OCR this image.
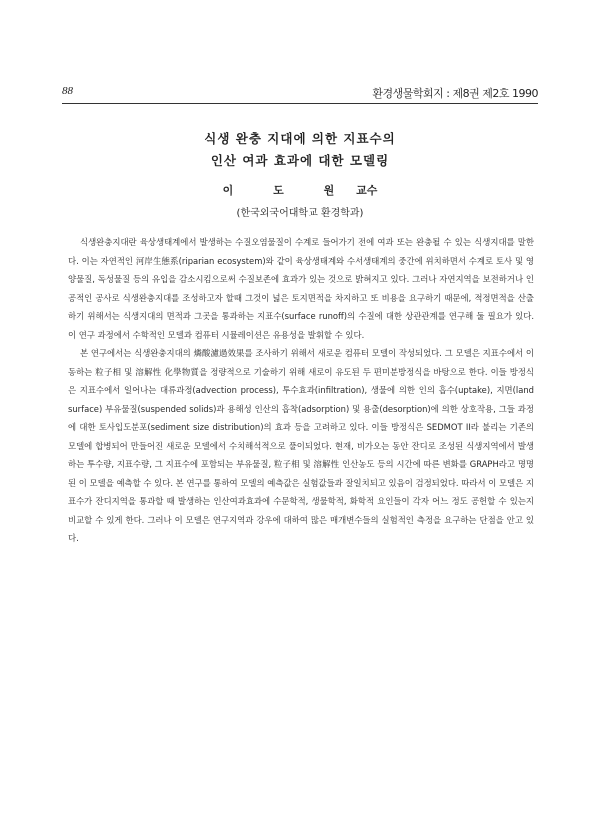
88	환경생물학회지 : 제8권 제2호 1990
식생 완충 지대에 의한 지표수의
인산 여과 효과에 대한 모델링
이	도	원 교수
(한국외국어대학교 환경학과)

식생완충지대란 육상생태계에서 발생하는 수질오염물질이 수계로 들어가기 전에 여과 또는 완충될 수 있는 식생지대를 말한다. 이는 자연적인 河岸生態系(riparian ecosystem)와 같이 육상생태계와 수서생태계의 중간에 위치하면서 수계로 토사 및 영양물질, 독성물질 등의 유입을 감소시킴으로써 수질보존에 효과가 있는 것으로 밝혀지고 있다. 그러나 자연지역을 보전하거나 인공적인 공사로 식생완충지대를 조성하고자 할때 그것이 넓은 토지면적을 차지하고 또 비용을 요구하기 때문에, 적정면적을 산출하기 위해서는 식생지대의 면적과 그곳을 통과하는 지표수(surface runoff)의 수질에 대한 상관관계를 연구해 둘 필요가 있다. 이 연구 과정에서 수학적인 모델과 컴퓨터 시뮬레이션은 유용성을 발휘할 수 있다.

본 연구에서는 식생완충지대의 燐酸濾過效果를 조사하기 위해서 새로운 컴퓨터 모델이 작성되었다. 그 모델은 지표수에서 이동하는 粒子相 및 溶解性 化學物質을 정량적으로 기술하기 위해 새로이 유도된 두 편미분방정식을 바탕으로 한다. 이들 방정식은 지표수에서 일어나는 대류과정(advection process), 투수효과(infiltration), 생물에 의한 인의 흡수(uptake), 지면(land surface) 부유물질(suspended solids)과 용해성 인산의 흡착(adsorption) 및 용출(desorption)에 의한 상호작용, 그들 과정에 대한 토사입도분포(sediment size distribution)의 효과 등을 고려하고 있다. 이들 방정식은 SEDMOT II라 불리는 기존의 모델에 합병되어 만들어진 새로운 모델에서 수치해석적으로 풀이되었다. 현재, 비가오는 동안 잔디로 조성된 식생지역에서 발생하는 투수량, 지표수량, 그 지표수에 포함되는 부유물질, 粒子相 및 溶解性 인산농도 등의 시간에 따른 변화를 GRAPH라고 명명된 이 모델을 예측할 수 있다. 본 연구를 통하여 모델의 예측값은 실험값들과 잘일치되고 있음이 검정되었다. 따라서 이 모델은 지표수가 잔디지역을 통과할 때 발생하는 인산여과효과에 수문학적, 생물학적, 화학적 요인들이 각자 어느 정도 공헌할 수 있는지 비교할 수 있게 한다. 그러나 이 모델은 연구지역과 강우에 대하여 많은 매개변수들의 실험적인 측정을 요구하는 단점을 안고 있다.
